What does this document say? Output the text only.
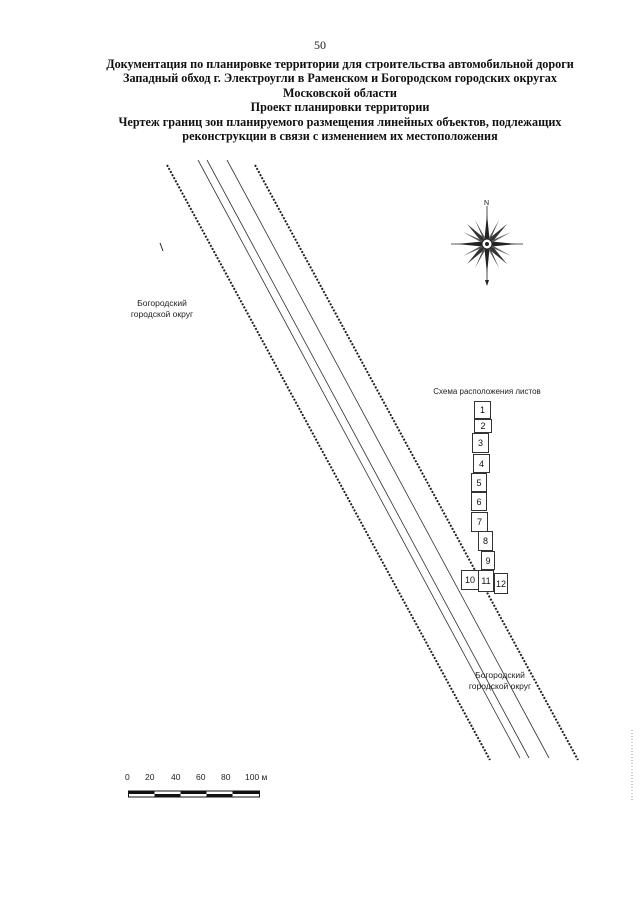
50
Документация по планировке территории для строительства автомобильной дороги
Западный обход г. Электроугли в Раменском и Богородском городских округах
Московской области
Проект планировки территории
Чертеж границ зон планируемого размещения линейных объектов, подлежащих
реконструкции в связи с изменением их местоположения
N
Богородский городской округ
Богородский городской округ
Схема расположения листов
1
2
3
4
5
6
7
8
9
10 11 12
0 20 40 60 80 100 м
